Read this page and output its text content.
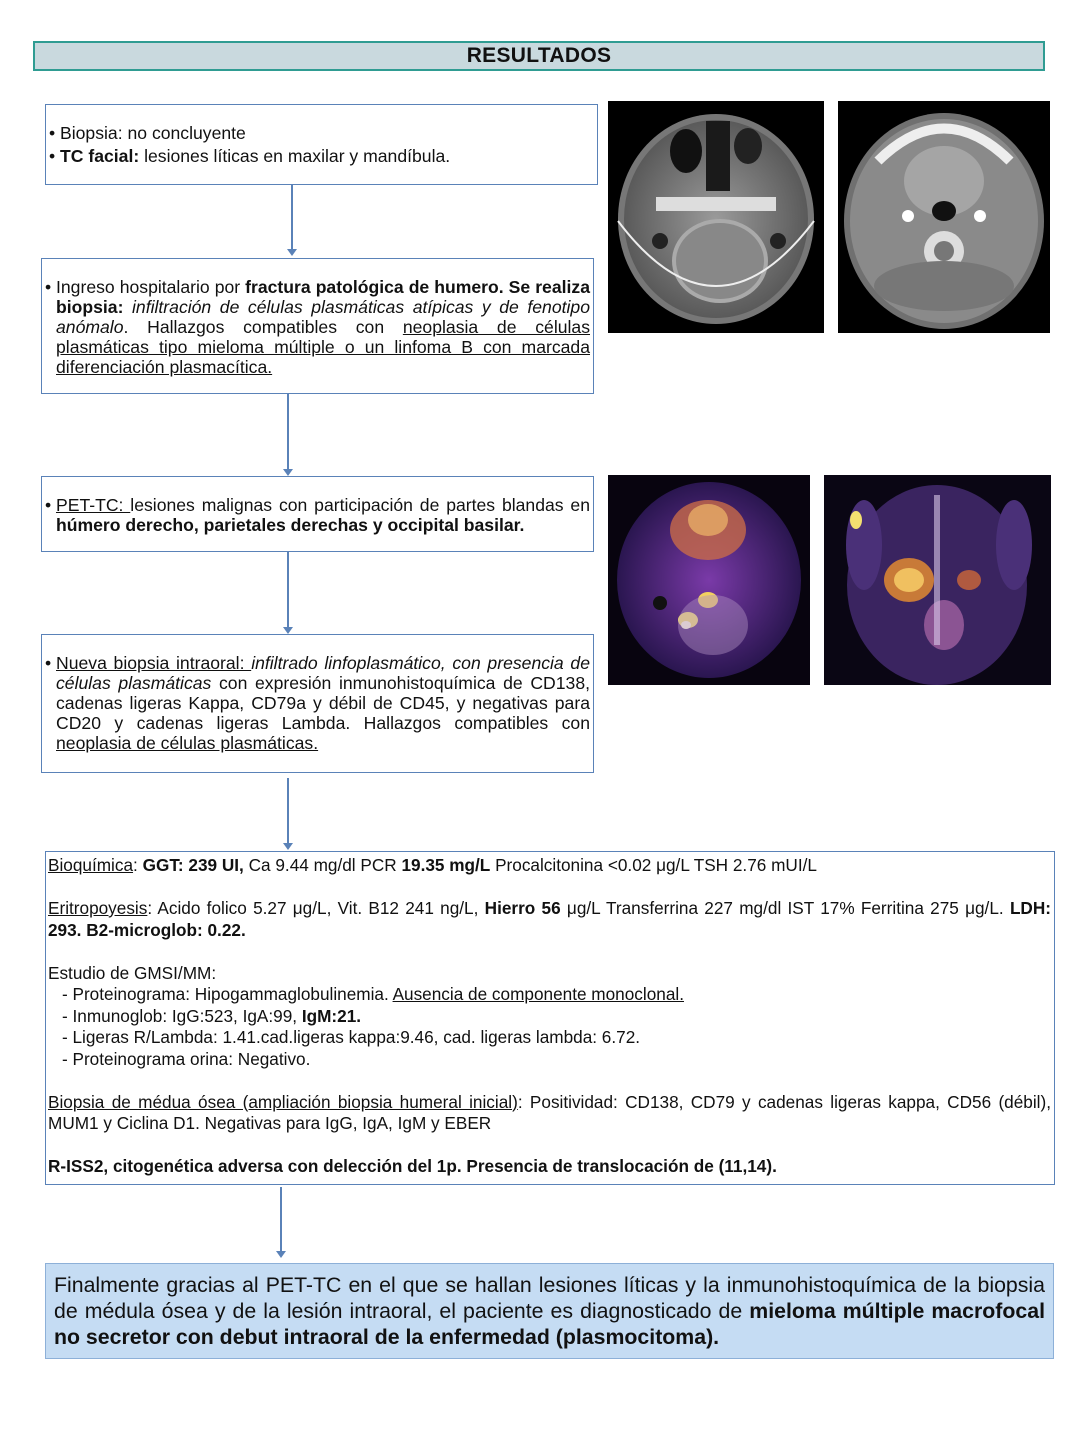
RESULTADOS
• Biopsia: no concluyente
• TC facial: lesiones líticas en maxilar y mandíbula.
• Ingreso hospitalario por fractura patológica de humero. Se realiza biopsia: infiltración de células plasmáticas atípicas y de fenotipo anómalo. Hallazgos compatibles con neoplasia de células plasmáticas tipo mieloma múltiple o un linfoma B con marcada diferenciación plasmacítica.
• PET-TC: lesiones malignas con participación de partes blandas en húmero derecho, parietales derechas y occipital basilar.
• Nueva biopsia intraoral: infiltrado linfoplasmático, con presencia de células plasmáticas con expresión inmunohistoquímica de CD138, cadenas ligeras Kappa, CD79a y débil de CD45, y negativas para CD20 y cadenas ligeras Lambda. Hallazgos compatibles con neoplasia de células plasmáticas.

Bioquímica: GGT: 239 UI, Ca 9.44 mg/dl PCR 19.35 mg/L Procalcitonina <0.02 μg/L TSH 2.76 mUI/L

Eritropoyesis: Acido folico 5.27 μg/L, Vit. B12 241 ng/L, Hierro 56 μg/L Transferrina 227 mg/dl IST 17% Ferritina 275 μg/L. LDH: 293. B2-microglob: 0.22.

Estudio de GMSI/MM:

- Proteinograma: Hipogammaglobulinemia. Ausencia de componente monoclonal.

- Inmunoglob: IgG:523, IgA:99, IgM:21.

- Ligeras R/Lambda: 1.41.cad.ligeras kappa:9.46, cad. ligeras lambda: 6.72.

- Proteinograma orina: Negativo.

Biopsia de médua ósea (ampliación biopsia humeral inicial): Positividad: CD138, CD79 y cadenas ligeras kappa, CD56 (débil), MUM1 y Ciclina D1. Negativas para IgG, IgA, IgM y EBER

R-ISS2, citogenética adversa con delección del 1p. Presencia de translocación de (11,14).

Finalmente gracias al PET-TC en el que se hallan lesiones líticas y la inmunohistoquímica de la biopsia de médula ósea y de la lesión intraoral, el paciente es diagnosticado de mieloma múltiple macrofocal no secretor con debut intraoral de la enfermedad (plasmocitoma).
